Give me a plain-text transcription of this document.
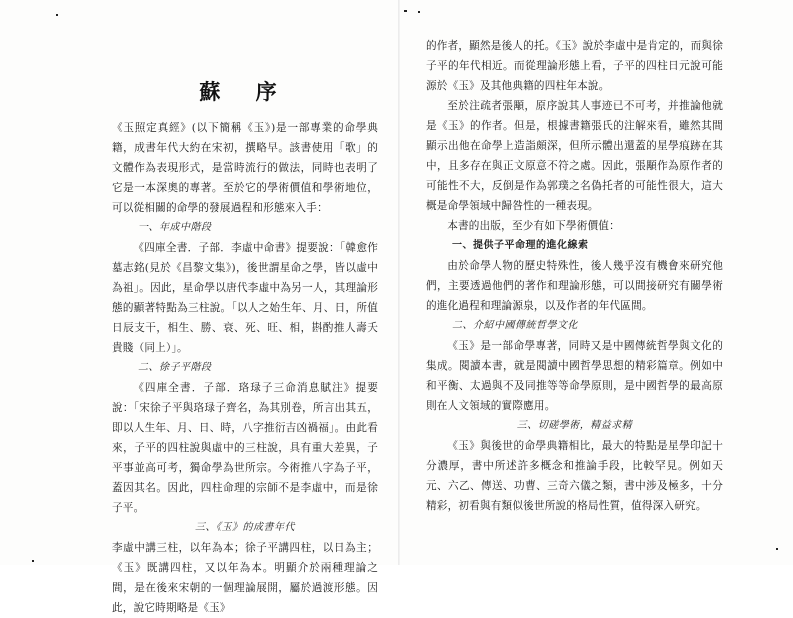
蘇 序

《玉照定真經》(以下簡稱《玉》)是一部專業的命學典籍，成書年代大約在宋初，撰略早。該書使用「歌」的文體作為表現形式，是當時流行的做法，同時也表明了它是一本深奧的專著。至於它的學術價值和學術地位，可以從相關的命學的發展過程和形態來入手：

一、年成中階段

《四庫全書．子部．李虛中命書》提要說：「韓愈作墓志銘(見於《昌黎文集》)，後世謂星命之學，皆以虛中為祖」。因此，星命學以唐代李虛中為另一人，其理論形態的顯著特點為三柱說。「以人之始生年、月、日，所值日辰支干，相生、勝、衰、死、旺、相，斟酌推人壽夭貴賤（同上）」。

二、徐子平階段

《四庫全書．子部．珞琭子三命消息賦注》提要說：「宋徐子平與珞琭子齊名，為其別卷，所言出其五，即以人生年、月、日、時，八字推衍吉凶禍福」。由此看來，子平的四柱說與虛中的三柱說，具有重大差異，子平事並高可考，獨命學為世所宗。今術推八字為子平，蓋因其名。因此，四柱命理的宗師不是李虛中，而是徐子平。

三、《玉》的成書年代

李虛中講三柱，以年為本；徐子平講四柱，以日為主；《玉》既講四柱，又以年為本。明顯介於兩種理論之間，是在後來宋朝的一個理論展開，屬於過渡形態。因此，說它時期略是《玉》

的作者，顯然是後人的托。《玉》說於李虛中是肯定的，而與徐子平的年代相近。而從理論形態上看，子平的四柱日元說可能源於《玉》及其他典籍的四柱年本說。

至於注疏者張顒，原序說其人事迹已不可考，并推論他就是《玉》的作者。但是，根據書籍張氏的注解來看，雖然其間顯示出他在命學上造詣頗深，但所示體出還蓋的星學痕跡在其中，且多存在與正文原意不符之處。因此，張顒作為原作者的可能性不大，反倒是作為郭璞之名偽托者的可能性很大，這大概是命學領域中歸咎性的一種表現。

本書的出版，至少有如下學術價值：

一、提供子平命理的進化線索

由於命學人物的歷史特殊性，後人幾乎沒有機會來研究他們，主要透過他們的著作和理論形態，可以間接研究有關學術的進化過程和理論源泉，以及作者的年代區間。

二、介紹中國傳統哲學文化

《玉》是一部命學專著，同時又是中國傳統哲學與文化的集成。閱讀本書，就是閱讀中國哲學思想的精彩篇章。例如中和平衡、太過與不及同推等等命學原則，是中國哲學的最高原則在人文領域的實際應用。

三、切磋學術，精益求精

《玉》與後世的命學典籍相比，最大的特點是星學印記十分濃厚，書中所述許多概念和推論手段，比較罕見。例如天元、六乙、傳送、功曹、三奇六儀之類，書中涉及極多，十分精彩，初看與有類似後世所說的格局性質，值得深入研究。
